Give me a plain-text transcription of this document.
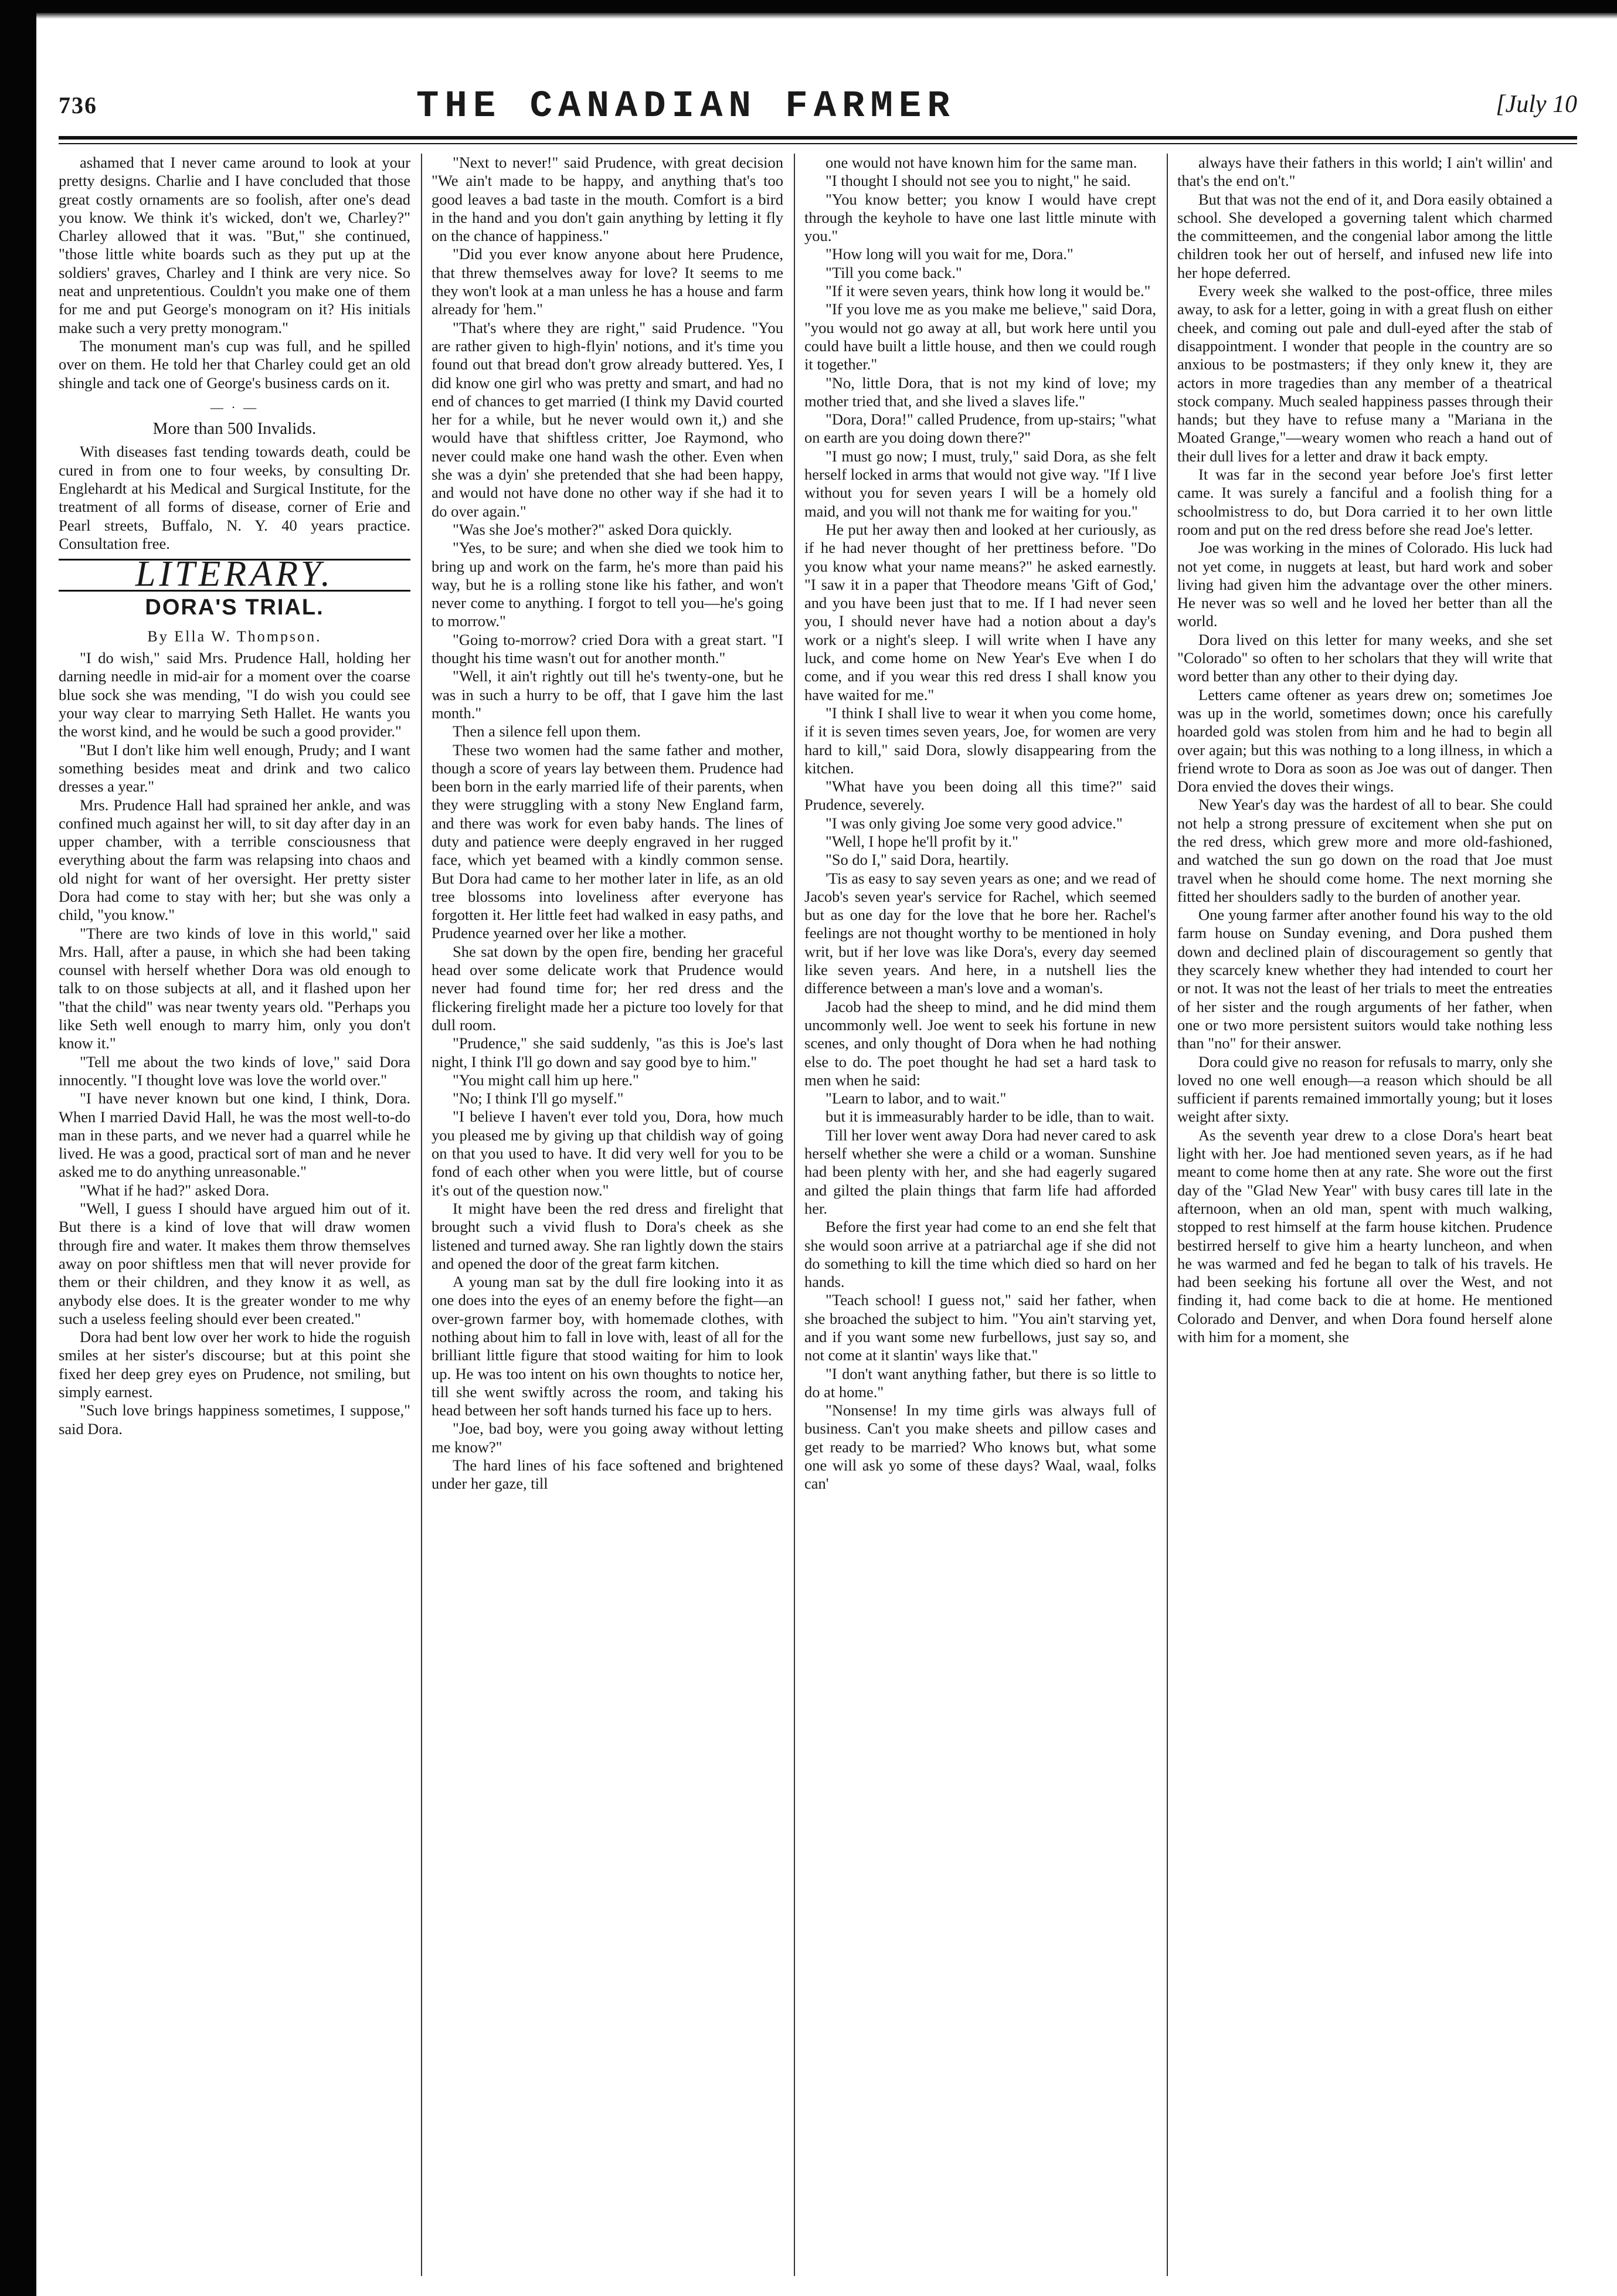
736	THE CANADIAN FARMER	[July 10

ashamed that I never came around to look at your pretty designs. Charlie and I have concluded that those great costly ornaments are so foolish, after one's dead you know. We think it's wicked, don't we, Charley?" Charley allowed that it was. "But," she continued, "those little white boards such as they put up at the soldiers' graves, Charley and I think are very nice. So neat and unpretentious. Couldn't you make one of them for me and put George's monogram on it? His initials make such a very pretty monogram."

The monument man's cup was full, and he spilled over on them. He told her that Charley could get an old shingle and tack one of George's business cards on it.

— · —
More than 500 Invalids.

With diseases fast tending towards death, could be cured in from one to four weeks, by consulting Dr. Englehardt at his Medical and Surgical Institute, for the treatment of all forms of disease, corner of Erie and Pearl streets, Buffalo, N. Y. 40 years practice. Consultation free.

LITERARY.
DORA'S TRIAL.
By Ella W. Thompson.

"I do wish," said Mrs. Prudence Hall, holding her darning needle in mid-air for a moment over the coarse blue sock she was mending, "I do wish you could see your way clear to marrying Seth Hallet. He wants you the worst kind, and he would be such a good provider."

"But I don't like him well enough, Prudy; and I want something besides meat and drink and two calico dresses a year."

Mrs. Prudence Hall had sprained her ankle, and was confined much against her will, to sit day after day in an upper chamber, with a terrible consciousness that everything about the farm was relapsing into chaos and old night for want of her oversight. Her pretty sister Dora had come to stay with her; but she was only a child, "you know."

"There are two kinds of love in this world," said Mrs. Hall, after a pause, in which she had been taking counsel with herself whether Dora was old enough to talk to on those subjects at all, and it flashed upon her "that the child" was near twenty years old. "Perhaps you like Seth well enough to marry him, only you don't know it."

"Tell me about the two kinds of love," said Dora innocently. "I thought love was love the world over."

"I have never known but one kind, I think, Dora. When I married David Hall, he was the most well-to-do man in these parts, and we never had a quarrel while he lived. He was a good, practical sort of man and he never asked me to do anything unreasonable."

"What if he had?" asked Dora.

"Well, I guess I should have argued him out of it. But there is a kind of love that will draw women through fire and water. It makes them throw themselves away on poor shiftless men that will never provide for them or their children, and they know it as well, as anybody else does. It is the greater wonder to me why such a useless feeling should ever been created."

Dora had bent low over her work to hide the roguish smiles at her sister's discourse; but at this point she fixed her deep grey eyes on Prudence, not smiling, but simply earnest.

"Such love brings happiness sometimes, I suppose," said Dora.

"Next to never!" said Prudence, with great decision "We ain't made to be happy, and anything that's too good leaves a bad taste in the mouth. Comfort is a bird in the hand and you don't gain anything by letting it fly on the chance of happiness."

"Did you ever know anyone about here Prudence, that threw themselves away for love? It seems to me they won't look at a man unless he has a house and farm already for 'hem."

"That's where they are right," said Prudence. "You are rather given to high-flyin' notions, and it's time you found out that bread don't grow already buttered. Yes, I did know one girl who was pretty and smart, and had no end of chances to get married (I think my David courted her for a while, but he never would own it,) and she would have that shiftless critter, Joe Raymond, who never could make one hand wash the other. Even when she was a dyin' she pretended that she had been happy, and would not have done no other way if she had it to do over again."

"Was she Joe's mother?" asked Dora quickly.

"Yes, to be sure; and when she died we took him to bring up and work on the farm, he's more than paid his way, but he is a rolling stone like his father, and won't never come to anything. I forgot to tell you—he's going to morrow."

"Going to-morrow? cried Dora with a great start. "I thought his time wasn't out for another month."

"Well, it ain't rightly out till he's twenty-one, but he was in such a hurry to be off, that I gave him the last month."

Then a silence fell upon them.

These two women had the same father and mother, though a score of years lay between them. Prudence had been born in the early married life of their parents, when they were struggling with a stony New England farm, and there was work for even baby hands. The lines of duty and patience were deeply engraved in her rugged face, which yet beamed with a kindly common sense. But Dora had came to her mother later in life, as an old tree blossoms into loveliness after everyone has forgotten it. Her little feet had walked in easy paths, and Prudence yearned over her like a mother.

She sat down by the open fire, bending her graceful head over some delicate work that Prudence would never had found time for; her red dress and the flickering firelight made her a picture too lovely for that dull room.

"Prudence," she said suddenly, "as this is Joe's last night, I think I'll go down and say good bye to him."

"You might call him up here."

"No; I think I'll go myself."

"I believe I haven't ever told you, Dora, how much you pleased me by giving up that childish way of going on that you used to have. It did very well for you to be fond of each other when you were little, but of course it's out of the question now."

It might have been the red dress and firelight that brought such a vivid flush to Dora's cheek as she listened and turned away. She ran lightly down the stairs and opened the door of the great farm kitchen.

A young man sat by the dull fire looking into it as one does into the eyes of an enemy before the fight—an over-grown farmer boy, with homemade clothes, with nothing about him to fall in love with, least of all for the brilliant little figure that stood waiting for him to look up. He was too intent on his own thoughts to notice her, till she went swiftly across the room, and taking his head between her soft hands turned his face up to hers.

"Joe, bad boy, were you going away without letting me know?"

The hard lines of his face softened and brightened under her gaze, till

one would not have known him for the same man.

"I thought I should not see you to night," he said.

"You know better; you know I would have crept through the keyhole to have one last little minute with you."

"How long will you wait for me, Dora."

"Till you come back."

"If it were seven years, think how long it would be."

"If you love me as you make me believe," said Dora, "you would not go away at all, but work here until you could have built a little house, and then we could rough it together."

"No, little Dora, that is not my kind of love; my mother tried that, and she lived a slaves life."

"Dora, Dora!" called Prudence, from up-stairs; "what on earth are you doing down there?"

"I must go now; I must, truly," said Dora, as she felt herself locked in arms that would not give way. "If I live without you for seven years I will be a homely old maid, and you will not thank me for waiting for you."

He put her away then and looked at her curiously, as if he had never thought of her prettiness before. "Do you know what your name means?" he asked earnestly. "I saw it in a paper that Theodore means 'Gift of God,' and you have been just that to me. If I had never seen you, I should never have had a notion about a day's work or a night's sleep. I will write when I have any luck, and come home on New Year's Eve when I do come, and if you wear this red dress I shall know you have waited for me."

"I think I shall live to wear it when you come home, if it is seven times seven years, Joe, for women are very hard to kill," said Dora, slowly disappearing from the kitchen.

"What have you been doing all this time?" said Prudence, severely.

"I was only giving Joe some very good advice."

"Well, I hope he'll profit by it."

"So do I," said Dora, heartily.

'Tis as easy to say seven years as one; and we read of Jacob's seven year's service for Rachel, which seemed but as one day for the love that he bore her. Rachel's feelings are not thought worthy to be mentioned in holy writ, but if her love was like Dora's, every day seemed like seven years. And here, in a nutshell lies the difference between a man's love and a woman's.

Jacob had the sheep to mind, and he did mind them uncommonly well. Joe went to seek his fortune in new scenes, and only thought of Dora when he had nothing else to do. The poet thought he had set a hard task to men when he said:

"Learn to labor, and to wait."

but it is immeasurably harder to be idle, than to wait.

Till her lover went away Dora had never cared to ask herself whether she were a child or a woman. Sunshine had been plenty with her, and she had eagerly sugared and gilted the plain things that farm life had afforded her.

Before the first year had come to an end she felt that she would soon arrive at a patriarchal age if she did not do something to kill the time which died so hard on her hands.

"Teach school! I guess not," said her father, when she broached the subject to him. "You ain't starving yet, and if you want some new furbellows, just say so, and not come at it slantin' ways like that."

"I don't want anything father, but there is so little to do at home."

"Nonsense! In my time girls was always full of business. Can't you make sheets and pillow cases and get ready to be married? Who knows but, what some one will ask yo some of these days? Waal, waal, folks can'

always have their fathers in this world; I ain't willin' and that's the end on't."

But that was not the end of it, and Dora easily obtained a school. She developed a governing talent which charmed the committeemen, and the congenial labor among the little children took her out of herself, and infused new life into her hope deferred.

Every week she walked to the post-office, three miles away, to ask for a letter, going in with a great flush on either cheek, and coming out pale and dull-eyed after the stab of disappointment. I wonder that people in the country are so anxious to be postmasters; if they only knew it, they are actors in more tragedies than any member of a theatrical stock company. Much sealed happiness passes through their hands; but they have to refuse many a "Mariana in the Moated Grange,"—weary women who reach a hand out of their dull lives for a letter and draw it back empty.

It was far in the second year before Joe's first letter came. It was surely a fanciful and a foolish thing for a schoolmistress to do, but Dora carried it to her own little room and put on the red dress before she read Joe's letter.

Joe was working in the mines of Colorado. His luck had not yet come, in nuggets at least, but hard work and sober living had given him the advantage over the other miners. He never was so well and he loved her better than all the world.

Dora lived on this letter for many weeks, and she set "Colorado" so often to her scholars that they will write that word better than any other to their dying day.

Letters came oftener as years drew on; sometimes Joe was up in the world, sometimes down; once his carefully hoarded gold was stolen from him and he had to begin all over again; but this was nothing to a long illness, in which a friend wrote to Dora as soon as Joe was out of danger. Then Dora envied the doves their wings.

New Year's day was the hardest of all to bear. She could not help a strong pressure of excitement when she put on the red dress, which grew more and more old-fashioned, and watched the sun go down on the road that Joe must travel when he should come home. The next morning she fitted her shoulders sadly to the burden of another year.

One young farmer after another found his way to the old farm house on Sunday evening, and Dora pushed them down and declined plain of discouragement so gently that they scarcely knew whether they had intended to court her or not. It was not the least of her trials to meet the entreaties of her sister and the rough arguments of her father, when one or two more persistent suitors would take nothing less than "no" for their answer.

Dora could give no reason for refusals to marry, only she loved no one well enough—a reason which should be all sufficient if parents remained immortally young; but it loses weight after sixty.

As the seventh year drew to a close Dora's heart beat light with her. Joe had mentioned seven years, as if he had meant to come home then at any rate. She wore out the first day of the "Glad New Year" with busy cares till late in the afternoon, when an old man, spent with much walking, stopped to rest himself at the farm house kitchen. Prudence bestirred herself to give him a hearty luncheon, and when he was warmed and fed he began to talk of his travels. He had been seeking his fortune all over the West, and not finding it, had come back to die at home. He mentioned Colorado and Denver, and when Dora found herself alone with him for a moment, she
